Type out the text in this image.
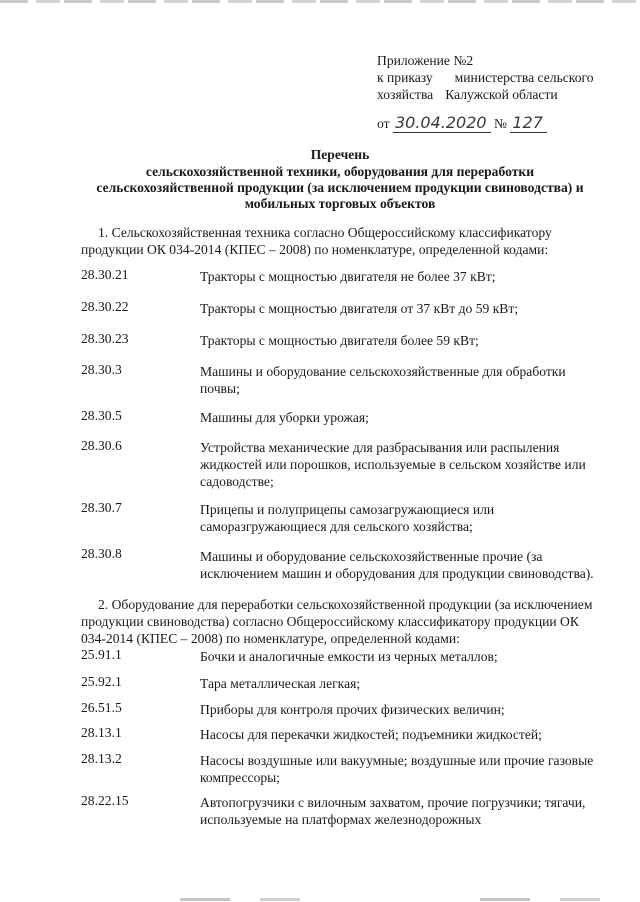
Приложение №2
к приказу министерства сельского
хозяйства Калужской области
от 30.04.2020 № 127
Перечень
сельскохозяйственной техники, оборудования для переработки
сельскохозяйственной продукции (за исключением продукции свиноводства) и
мобильных торговых объектов
1. Сельскохозяйственная техника согласно Общероссийскому классификатору продукции ОК 034-2014 (КПЕС – 2008) по номенклатуре, определенной кодами:
28.30.21	Тракторы с мощностью двигателя не более 37 кВт;
28.30.22	Тракторы с мощностью двигателя от 37 кВт до 59 кВт;
28.30.23	Тракторы с мощностью двигателя более 59 кВт;
28.30.3	Машины и оборудование сельскохозяйственные для обработки почвы;
28.30.5	Машины для уборки урожая;
28.30.6	Устройства механические для разбрасывания или распыления жидкостей или порошков, используемые в сельском хозяйстве или садоводстве;
28.30.7	Прицепы и полуприцепы самозагружающиеся или саморазгружающиеся для сельского хозяйства;
28.30.8	Машины и оборудование сельскохозяйственные прочие (за исключением машин и оборудования для продукции свиноводства).
2. Оборудование для переработки сельскохозяйственной продукции (за исключением продукции свиноводства) согласно Общероссийскому классификатору продукции ОК 034-2014 (КПЕС – 2008) по номенклатуре, определенной кодами:
25.91.1	Бочки и аналогичные емкости из черных металлов;
25.92.1	Тара металлическая легкая;
26.51.5	Приборы для контроля прочих физических величин;
28.13.1	Насосы для перекачки жидкостей; подъемники жидкостей;
28.13.2	Насосы воздушные или вакуумные; воздушные или прочие газовые компрессоры;
28.22.15	Автопогрузчики с вилочным захватом, прочие погрузчики; тягачи, используемые на платформах железнодорожных
